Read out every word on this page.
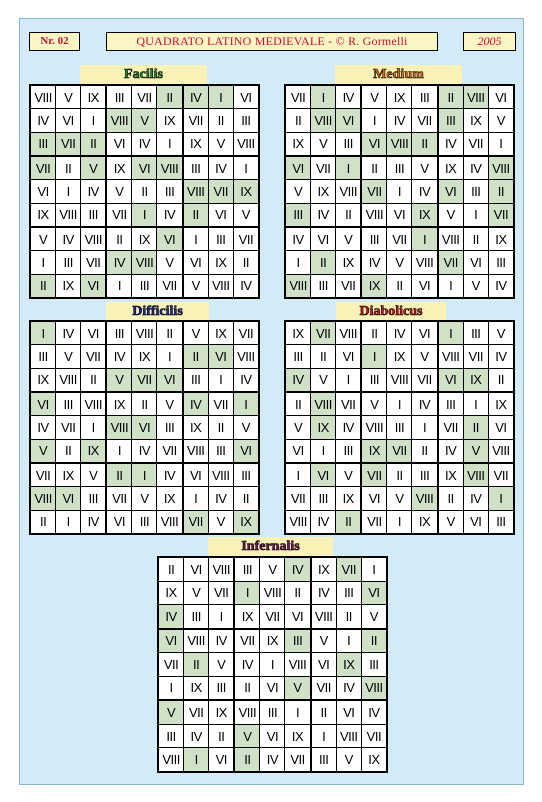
Nr. 02	QUADRATO LATINO MEDIEVALE - © R. Gormelli	2005
Facilis	Medium
Difficilis	Diabolicus
Infernalis
VIII	V	IX	III	VII	II	IV	I	VI
IV	VI	I	VIII	V	IX	VII	II	III
III	VII	II	VI	IV	I	IX	V	VIII
VII	II	V	IX	VI	VIII	III	IV	I
VI	I	IV	V	II	III	VIII	VII	IX
IX	VIII	III	VII	I	IV	II	VI	V
V	IV	VIII	II	IX	VI	I	III	VII
I	III	VII	IV	VIII	V	VI	IX	II
II	IX	VI	I	III	VII	V	VIII	IV
VII	I	IV	V	IX	III	II	VIII	VI
II	VIII	VI	I	IV	VII	III	IX	V
IX	V	III	VI	VIII	II	IV	VII	I
VI	VII	I	II	III	V	IX	IV	VIII
V	IX	VIII	VII	I	IV	VI	III	II
III	IV	II	VIII	VI	IX	V	I	VII
IV	VI	V	III	VII	I	VIII	II	IX
I	II	IX	IV	V	VIII	VII	VI	III
VIII	III	VII	IX	II	VI	I	V	IV
I	IV	VI	III	VIII	II	V	IX	VII
III	V	VII	IV	IX	I	II	VI	VIII
IX	VIII	II	V	VII	VI	III	I	IV
VI	III	VIII	IX	II	V	IV	VII	I
IV	VII	I	VIII	VI	III	IX	II	V
V	II	IX	I	IV	VII	VIII	III	VI
VII	IX	V	II	I	IV	VI	VIII	III
VIII	VI	III	VII	V	IX	I	IV	II
II	I	IV	VI	III	VIII	VII	V	IX
IX	VII	VIII	II	IV	VI	I	III	V
III	II	VI	I	IX	V	VIII	VII	IV
IV	V	I	III	VIII	VII	VI	IX	II
II	VIII	VII	V	I	IV	III	I	IX
V	IX	IV	VIII	III	I	VII	II	VI
VI	I	III	IX	VII	II	IV	V	VIII
I	VI	V	VII	II	III	IX	VIII	VII
VII	III	IX	VI	V	VIII	II	IV	I
VIII	IV	II	VII	I	IX	V	VI	III
II	VI	VIII	III	V	IV	IX	VII	I
IX	V	VII	I	VIII	II	IV	III	VI
IV	III	I	IX	VII	VI	VIII	II	V
VI	VIII	IV	VII	IX	III	V	I	II
VII	II	V	IV	I	VIII	VI	IX	III
I	IX	III	II	VI	V	VII	IV	VIII
V	VII	IX	VIII	III	I	II	VI	IV
III	IV	II	V	VI	IX	I	VIII	VII
VIII	I	VI	II	IV	VII	III	V	IX
